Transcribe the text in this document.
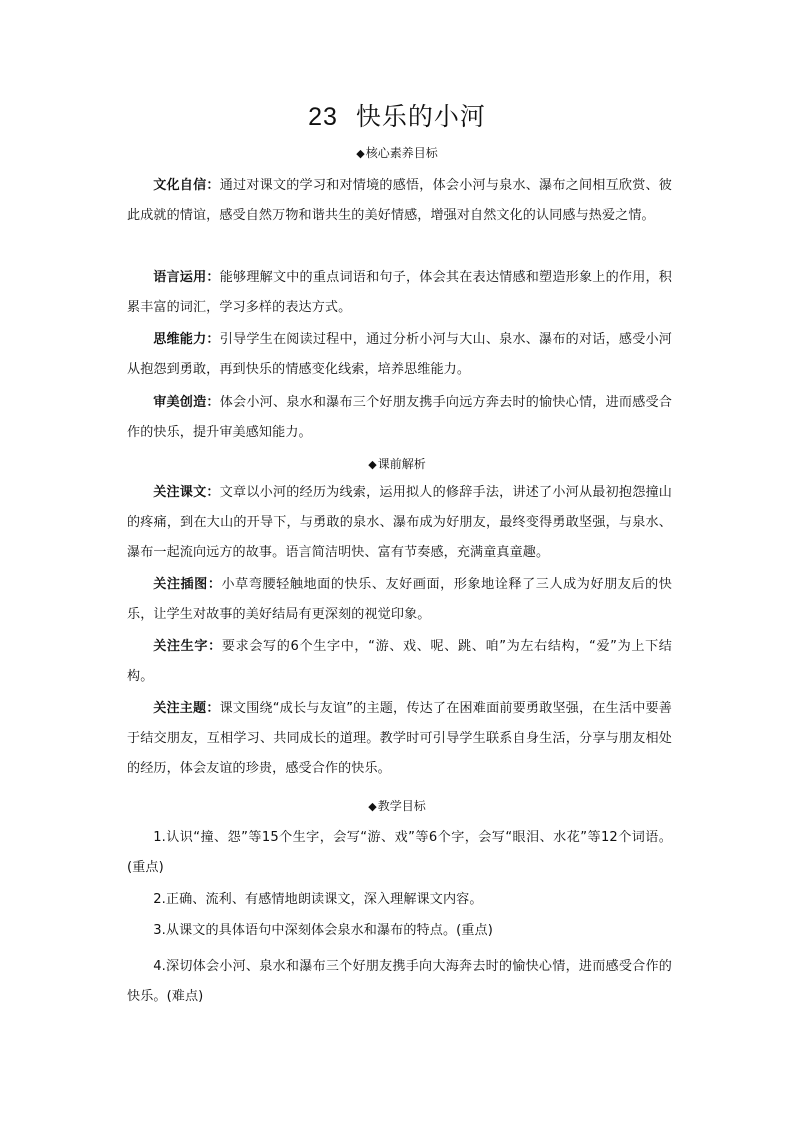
23 快乐的小河
◆核心素养目标
文化自信：通过对课文的学习和对情境的感悟，体会小河与泉水、瀑布之间相互欣赏、彼此成就的情谊，感受自然万物和谐共生的美好情感，增强对自然文化的认同感与热爱之情。
语言运用：能够理解文中的重点词语和句子，体会其在表达情感和塑造形象上的作用，积累丰富的词汇，学习多样的表达方式。
思维能力：引导学生在阅读过程中，通过分析小河与大山、泉水、瀑布的对话，感受小河从抱怨到勇敢，再到快乐的情感变化线索，培养思维能力。
审美创造：体会小河、泉水和瀑布三个好朋友携手向远方奔去时的愉快心情，进而感受合作的快乐，提升审美感知能力。
◆课前解析
关注课文：文章以小河的经历为线索，运用拟人的修辞手法，讲述了小河从最初抱怨撞山的疼痛，到在大山的开导下，与勇敢的泉水、瀑布成为好朋友，最终变得勇敢坚强，与泉水、瀑布一起流向远方的故事。语言简洁明快、富有节奏感，充满童真童趣。
关注插图：小草弯腰轻触地面的快乐、友好画面，形象地诠释了三人成为好朋友后的快乐，让学生对故事的美好结局有更深刻的视觉印象。
关注生字：要求会写的6个生字中，“游、戏、呢、跳、咱”为左右结构，“爱”为上下结构。
关注主题：课文围绕“成长与友谊”的主题，传达了在困难面前要勇敢坚强，在生活中要善于结交朋友，互相学习、共同成长的道理。教学时可引导学生联系自身生活，分享与朋友相处的经历，体会友谊的珍贵，感受合作的快乐。
◆教学目标
1.认识“撞、怨”等15个生字，会写“游、戏”等6个字，会写“眼泪、水花”等12个词语。(重点)
2.正确、流利、有感情地朗读课文，深入理解课文内容。
3.从课文的具体语句中深刻体会泉水和瀑布的特点。(重点)
4.深切体会小河、泉水和瀑布三个好朋友携手向大海奔去时的愉快心情，进而感受合作的快乐。(难点)
